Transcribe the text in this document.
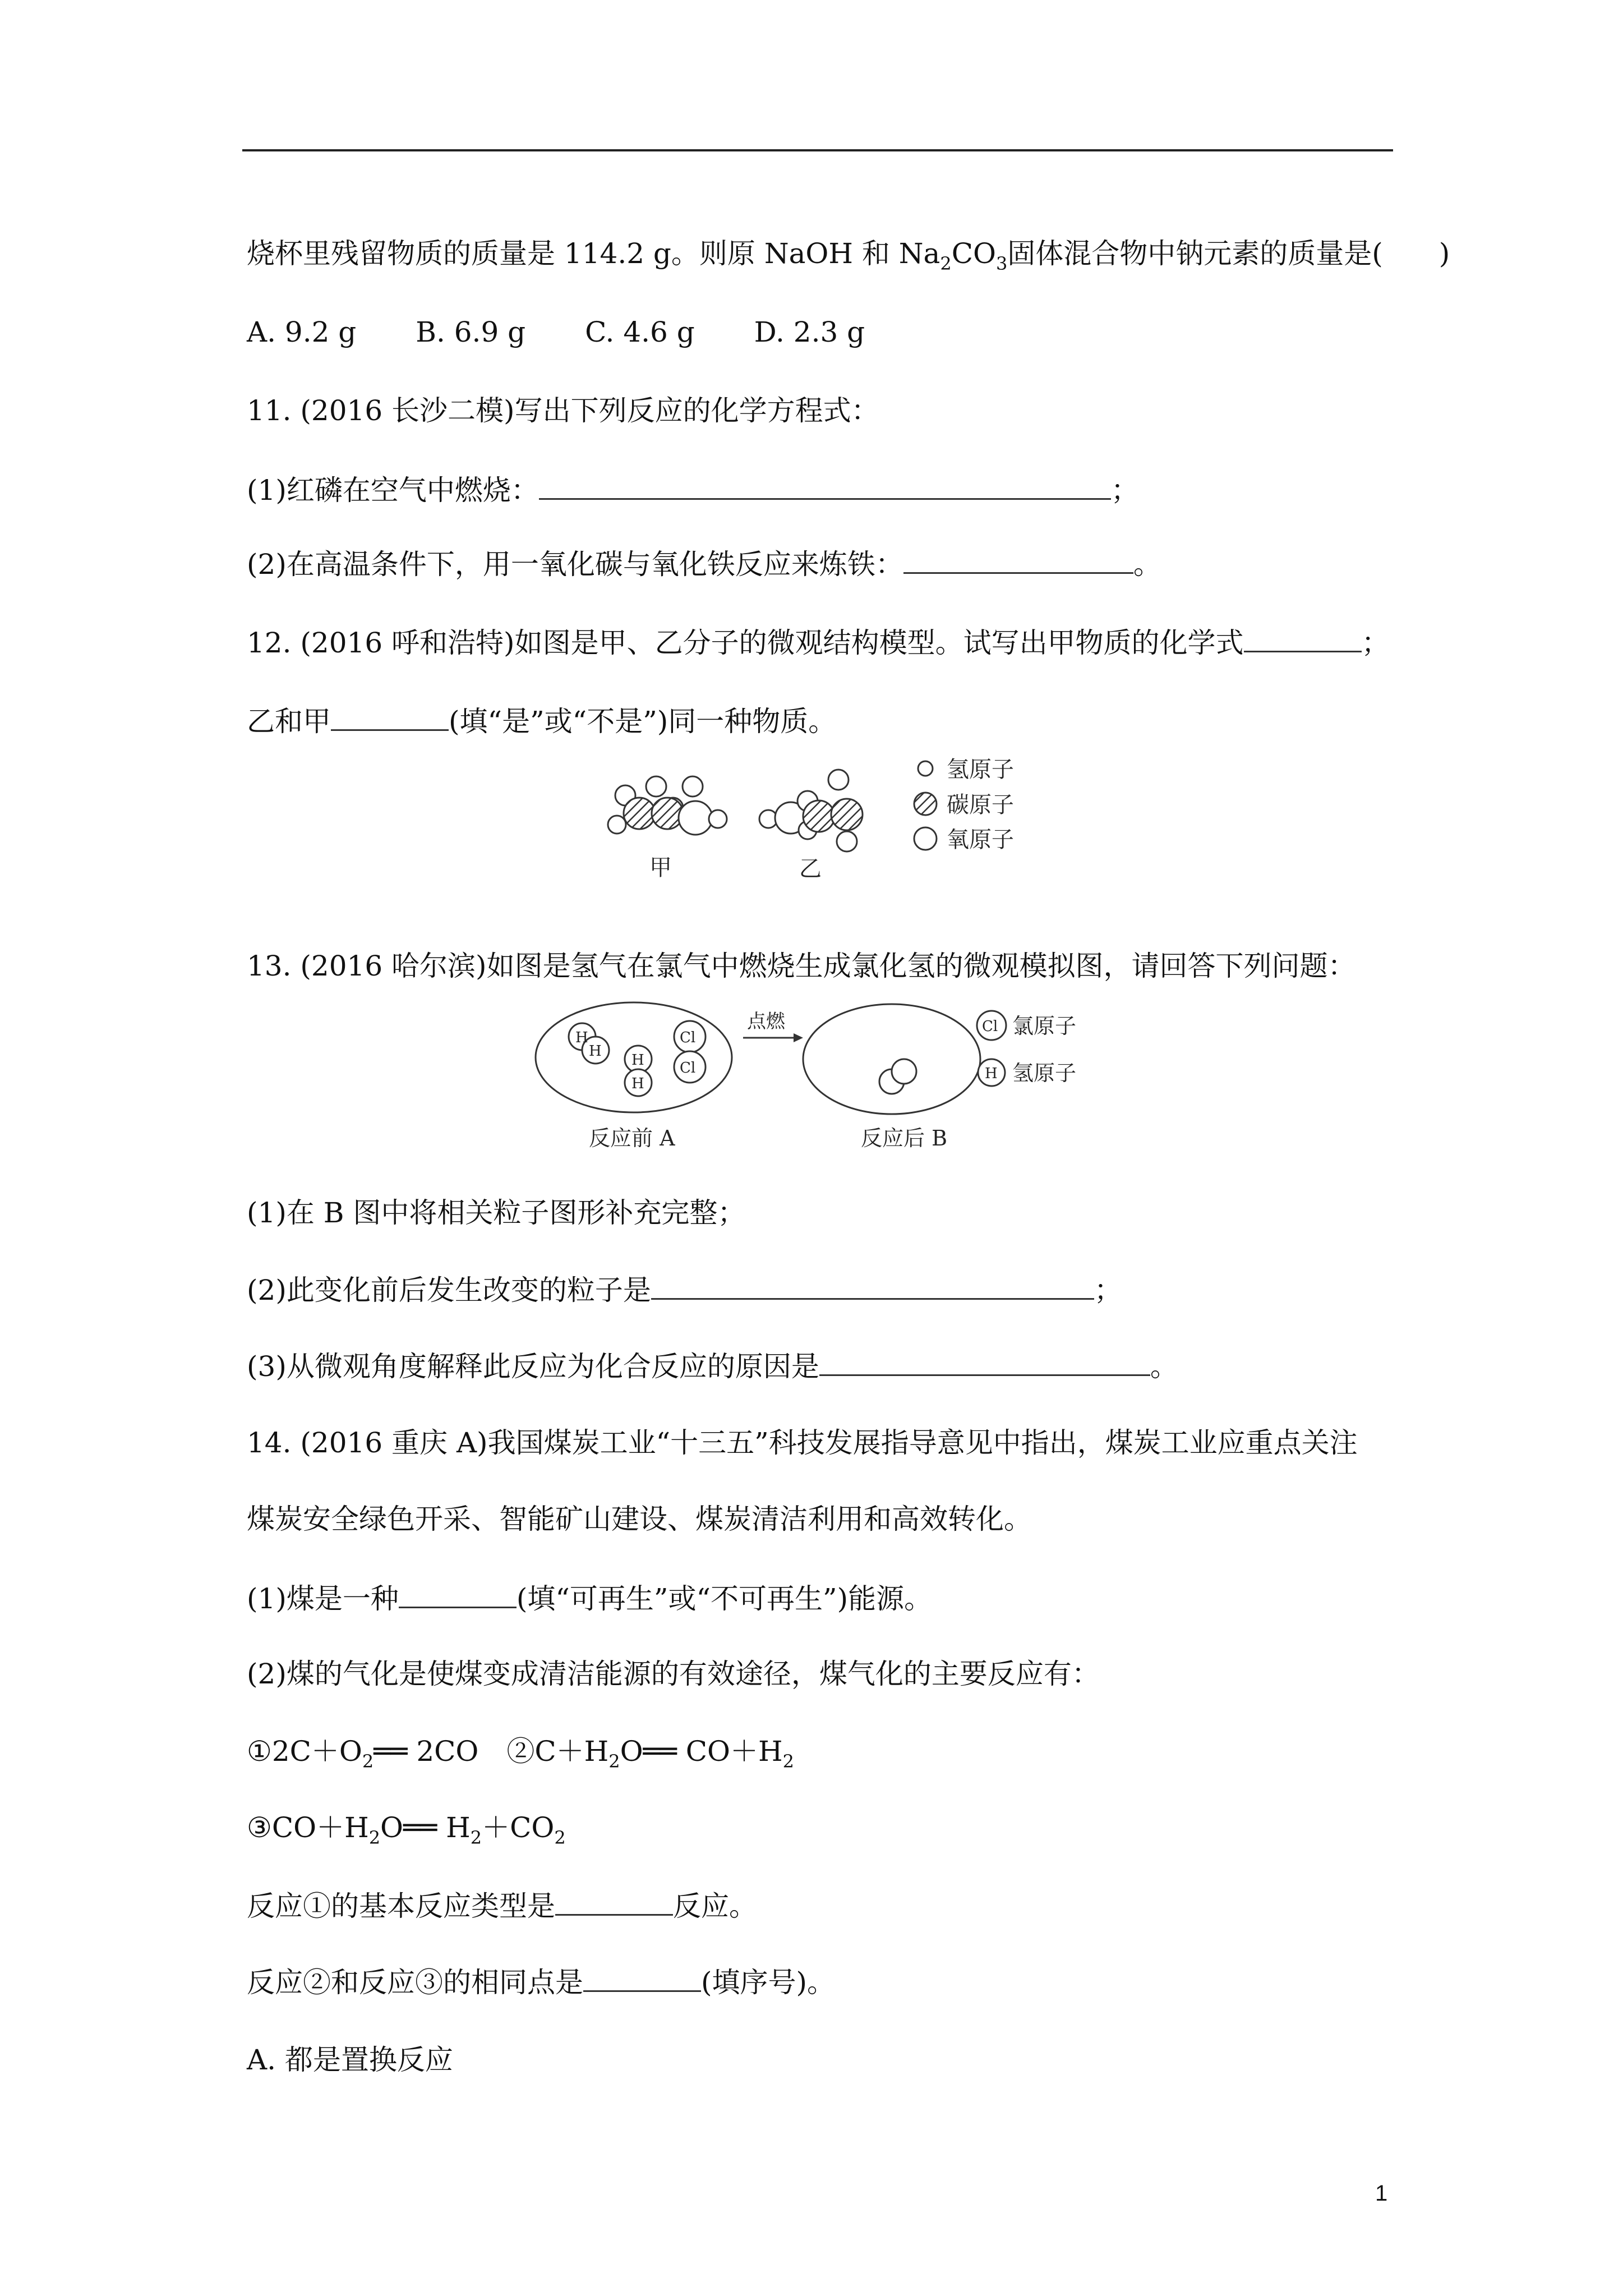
烧杯里残留物质的质量是 114.2 g。则原 NaOH 和 $Na_2CO_3$固体混合物中钠元素的质量是(　　)
A. 9.2 g B. 6.9 g C. 4.6 g D. 2.3 g
11. (2016 长沙二模)写出下列反应的化学方程式：
(1)红磷在空气中燃烧：	；
(2)在高温条件下，用一氧化碳与氧化铁反应来炼铁：	。
12. (2016 呼和浩特)如图是甲、乙分子的微观结构模型。试写出甲物质的化学式	；
乙和甲	(填“是”或“不是”)同一种物质。
甲	乙
氢原子
碳原子
氧原子
13. (2016 哈尔滨)如图是氢气在氯气中燃烧生成氯化氢的微观模拟图，请回答下列问题：
H
H
H
H
Cl
Cl
点燃	Cl 氯原子
H 氢原子
反应前 A	反应后 B
(1)在 B 图中将相关粒子图形补充完整；
(2)此变化前后发生改变的粒子是	；
(3)从微观角度解释此反应为化合反应的原因是	。
14. (2016 重庆 A)我国煤炭工业“十三五”科技发展指导意见中指出，煤炭工业应重点关注
煤炭安全绿色开采、智能矿山建设、煤炭清洁利用和高效转化。
(1)煤是一种	(填“可再生”或“不可再生”)能源。
(2)煤的气化是使煤变成清洁能源的有效途径，煤气化的主要反应有：
$①2C+O_2══$ 2CO　$②C+H_2O══$ $CO+H_2$
$③CO+H_2O══$ $H_2+CO_2$
反应①的基本反应类型是	反应。
反应②和反应③的相同点是	(填序号)。
A. 都是置换反应
1
